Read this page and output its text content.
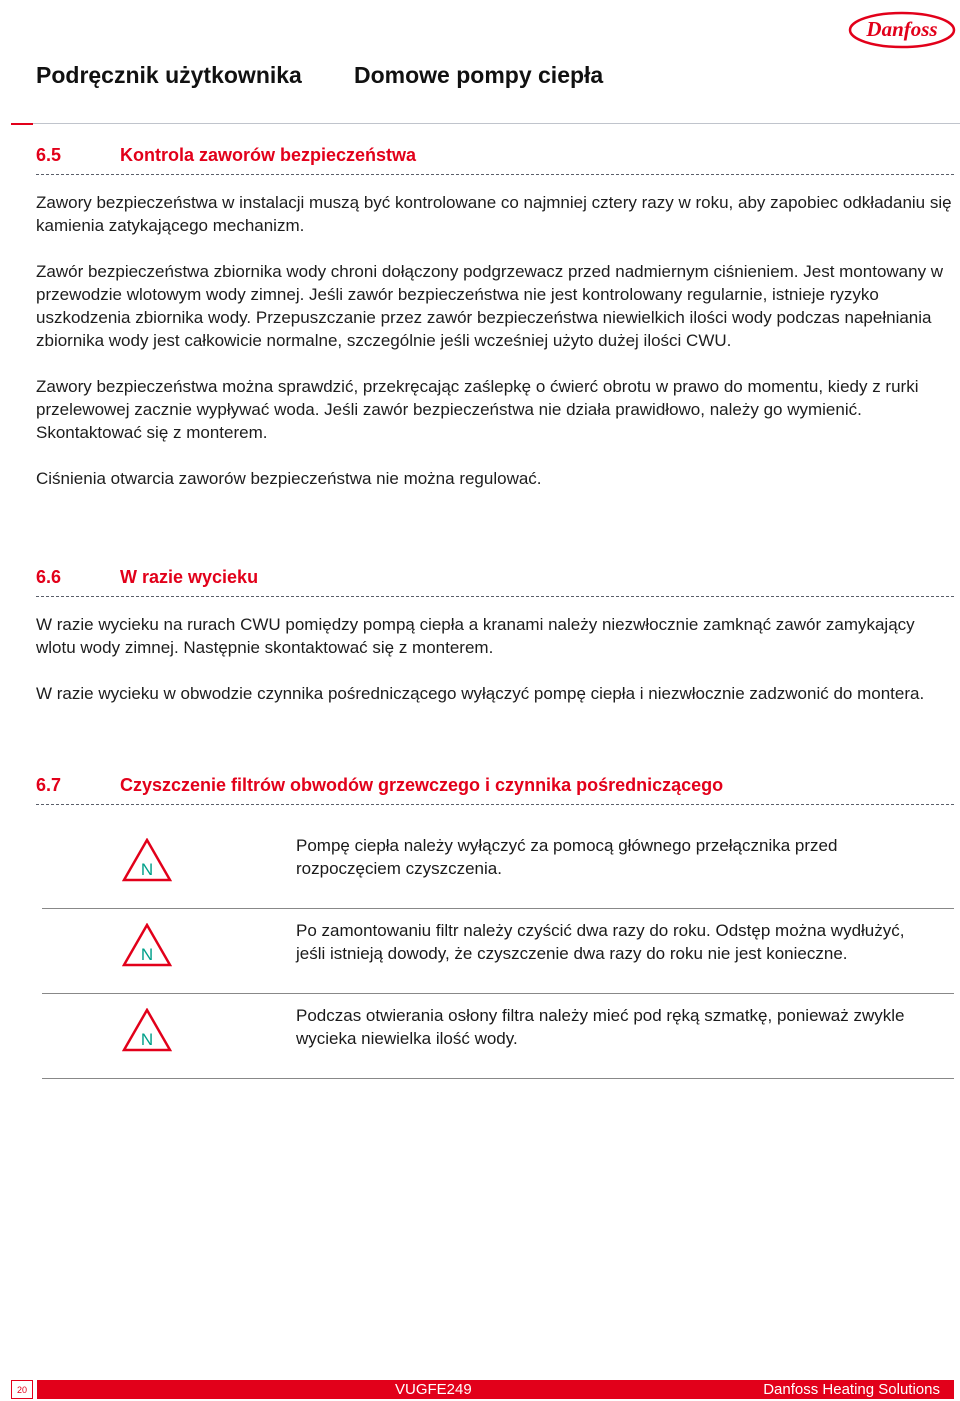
Danfoss
Podręcznik użytkownika Domowe pompy ciepła
6.5	Kontrola zaworów bezpieczeństwa

Zawory bezpieczeństwa w instalacji muszą być kontrolowane co najmniej cztery razy w roku, aby zapobiec odkładaniu się kamienia zatykającego mechanizm.

Zawór bezpieczeństwa zbiornika wody chroni dołączony podgrzewacz przed nadmiernym ciśnieniem. Jest montowany w przewodzie wlotowym wody zimnej. Jeśli zawór bezpieczeństwa nie jest kontrolowany regularnie, istnieje ryzyko uszkodzenia zbiornika wody. Przepuszczanie przez zawór bezpieczeństwa niewielkich ilości wody podczas napełniania zbiornika wody jest całkowicie normalne, szczególnie jeśli wcześniej użyto dużej ilości CWU.

Zawory bezpieczeństwa można sprawdzić, przekręcając zaślepkę o ćwierć obrotu w prawo do momentu, kiedy z rurki przelewowej zacznie wypływać woda. Jeśli zawór bezpieczeństwa nie działa prawidłowo, należy go wymienić. Skontaktować się z monterem.

Ciśnienia otwarcia zaworów bezpieczeństwa nie można regulować.

6.6	W razie wycieku

W razie wycieku na rurach CWU pomiędzy pompą ciepła a kranami należy niezwłocznie zamknąć zawór zamykający wlotu wody zimnej. Następnie skontaktować się z monterem.

W razie wycieku w obwodzie czynnika pośredniczącego wyłączyć pompę ciepła i niezwłocznie zadzwonić do montera.

6.7	Czyszczenie filtrów obwodów grzewczego i czynnika pośredniczącego
N
Pompę ciepła należy wyłączyć za pomocą głównego przełącznika przed rozpoczęciem czyszczenia.
N
Po zamontowaniu filtr należy czyścić dwa razy do roku. Odstęp można wydłużyć, jeśli istnieją dowody, że czyszczenie dwa razy do roku nie jest konieczne.
N
Podczas otwierania osłony filtra należy mieć pod ręką szmatkę, ponieważ zwykle wycieka niewielka ilość wody.
20	VUGFE249	Danfoss Heating Solutions
